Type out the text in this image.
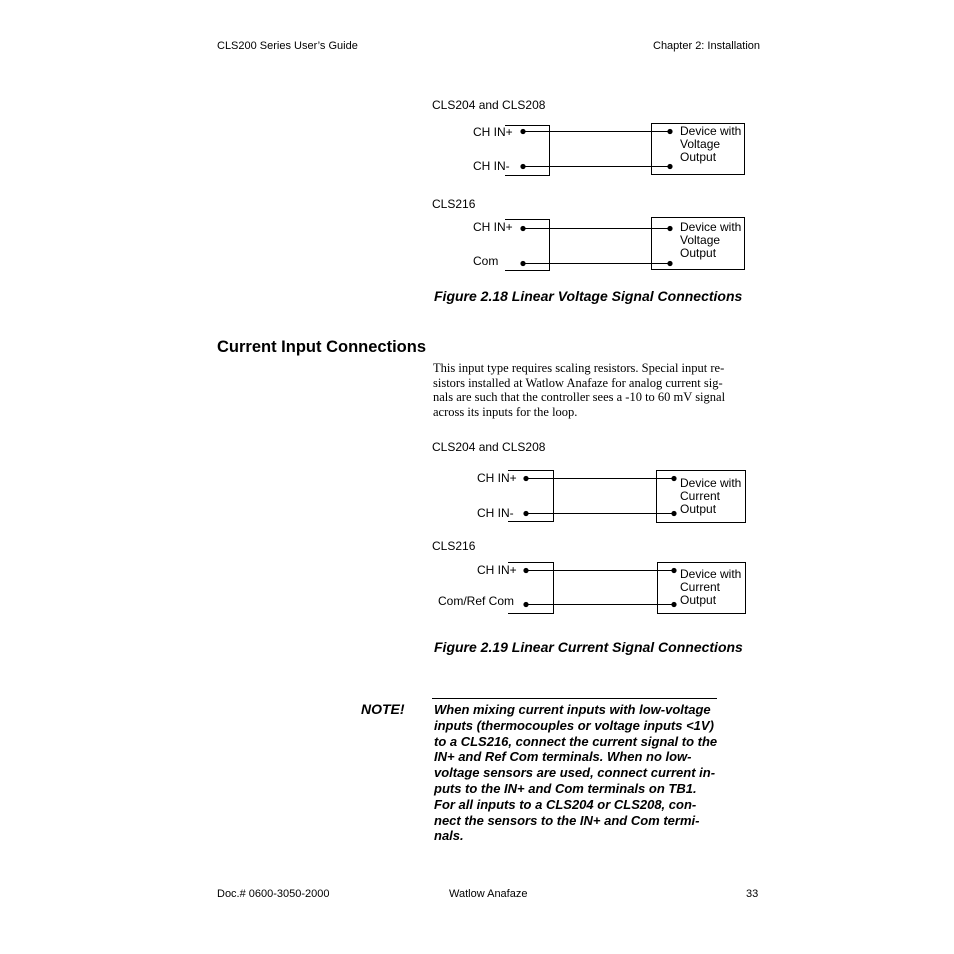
CLS200 Series User’s Guide	Chapter 2: Installation
CLS204 and CLS208
CH IN+
CH IN-
Device with
Voltage
Output
CLS216
CH IN+
Com
Device with
Voltage
Output
Figure 2.18 Linear Voltage Signal Connections
Current Input Connections
This input type requires scaling resistors. Special input re-
sistors installed at Watlow Anafaze for analog current sig-
nals are such that the controller sees a -10 to 60 mV signal
across its inputs for the loop.
CLS204 and CLS208
CH IN+
CH IN-
Device with
Current
Output
CLS216
CH IN+
Com/Ref Com
Device with
Current
Output
Figure 2.19 Linear Current Signal Connections
NOTE! When mixing current inputs with low-voltage
inputs (thermocouples or voltage inputs <1V)
to a CLS216, connect the current signal to the
IN+ and Ref Com terminals. When no low-
voltage sensors are used, connect current in-
puts to the IN+ and Com terminals on TB1.
For all inputs to a CLS204 or CLS208, con-
nect the sensors to the IN+ and Com termi-
nals.
Doc.# 0600-3050-2000	Watlow Anafaze	33
